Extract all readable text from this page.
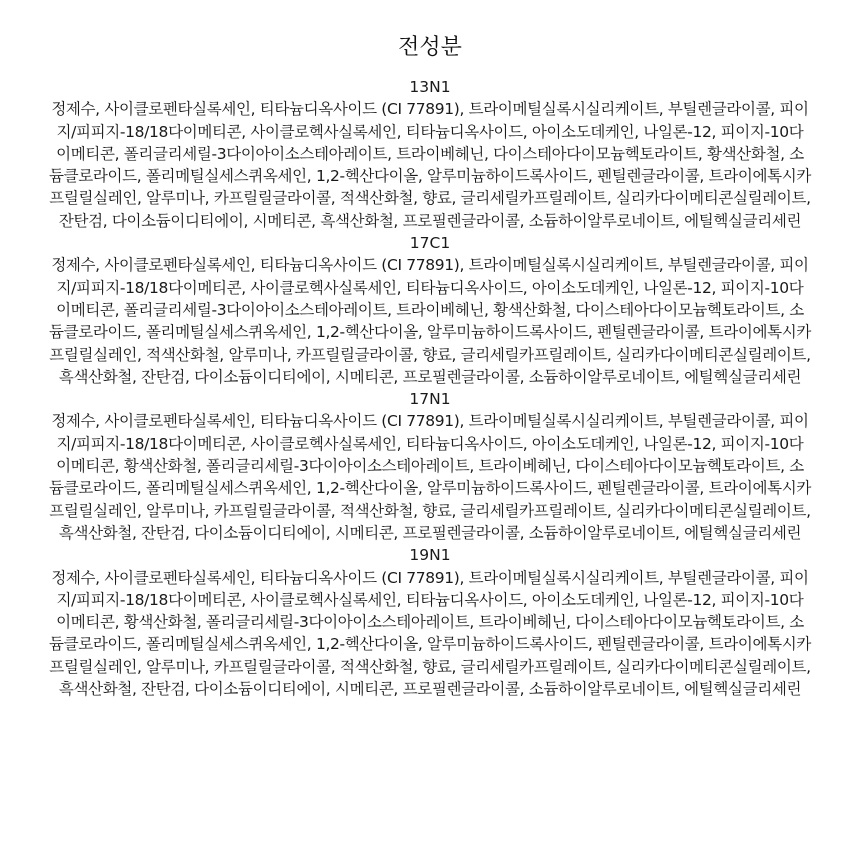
전성분
13N1
정제수, 사이클로펜타실록세인, 티타늄디옥사이드 (CI 77891), 트라이메틸실록시실리케이트, 부틸렌글라이콜, 피이
지/피피지-18/18다이메티콘, 사이클로헥사실록세인, 티타늄디옥사이드, 아이소도데케인, 나일론-12, 피이지-10다
이메티콘, 폴리글리세릴-3다이아이소스테아레이트, 트라이베헤닌, 다이스테아다이모늄헥토라이트, 황색산화철, 소
듐클로라이드, 폴리메틸실세스퀴옥세인, 1,2-헥산다이올, 알루미늄하이드록사이드, 펜틸렌글라이콜, 트라이에톡시카
프릴릴실레인, 알루미나, 카프릴릴글라이콜, 적색산화철, 향료, 글리세릴카프릴레이트, 실리카다이메티콘실릴레이트,
잔탄검, 다이소듐이디티에이, 시메티콘, 흑색산화철, 프로필렌글라이콜, 소듐하이알루로네이트, 에틸헥실글리세린
17C1
정제수, 사이클로펜타실록세인, 티타늄디옥사이드 (CI 77891), 트라이메틸실록시실리케이트, 부틸렌글라이콜, 피이
지/피피지-18/18다이메티콘, 사이클로헥사실록세인, 티타늄디옥사이드, 아이소도데케인, 나일론-12, 피이지-10다
이메티콘, 폴리글리세릴-3다이아이소스테아레이트, 트라이베헤닌, 황색산화철, 다이스테아다이모늄헥토라이트, 소
듐클로라이드, 폴리메틸실세스퀴옥세인, 1,2-헥산다이올, 알루미늄하이드록사이드, 펜틸렌글라이콜, 트라이에톡시카
프릴릴실레인, 적색산화철, 알루미나, 카프릴릴글라이콜, 향료, 글리세릴카프릴레이트, 실리카다이메티콘실릴레이트,
흑색산화철, 잔탄검, 다이소듐이디티에이, 시메티콘, 프로필렌글라이콜, 소듐하이알루로네이트, 에틸헥실글리세린
17N1
정제수, 사이클로펜타실록세인, 티타늄디옥사이드 (CI 77891), 트라이메틸실록시실리케이트, 부틸렌글라이콜, 피이
지/피피지-18/18다이메티콘, 사이클로헥사실록세인, 티타늄디옥사이드, 아이소도데케인, 나일론-12, 피이지-10다
이메티콘, 황색산화철, 폴리글리세릴-3다이아이소스테아레이트, 트라이베헤닌, 다이스테아다이모늄헥토라이트, 소
듐클로라이드, 폴리메틸실세스퀴옥세인, 1,2-헥산다이올, 알루미늄하이드록사이드, 펜틸렌글라이콜, 트라이에톡시카
프릴릴실레인, 알루미나, 카프릴릴글라이콜, 적색산화철, 향료, 글리세릴카프릴레이트, 실리카다이메티콘실릴레이트,
흑색산화철, 잔탄검, 다이소듐이디티에이, 시메티콘, 프로필렌글라이콜, 소듐하이알루로네이트, 에틸헥실글리세린
19N1
정제수, 사이클로펜타실록세인, 티타늄디옥사이드 (CI 77891), 트라이메틸실록시실리케이트, 부틸렌글라이콜, 피이
지/피피지-18/18다이메티콘, 사이클로헥사실록세인, 티타늄디옥사이드, 아이소도데케인, 나일론-12, 피이지-10다
이메티콘, 황색산화철, 폴리글리세릴-3다이아이소스테아레이트, 트라이베헤닌, 다이스테아다이모늄헥토라이트, 소
듐클로라이드, 폴리메틸실세스퀴옥세인, 1,2-헥산다이올, 알루미늄하이드록사이드, 펜틸렌글라이콜, 트라이에톡시카
프릴릴실레인, 알루미나, 카프릴릴글라이콜, 적색산화철, 향료, 글리세릴카프릴레이트, 실리카다이메티콘실릴레이트,
흑색산화철, 잔탄검, 다이소듐이디티에이, 시메티콘, 프로필렌글라이콜, 소듐하이알루로네이트, 에틸헥실글리세린
